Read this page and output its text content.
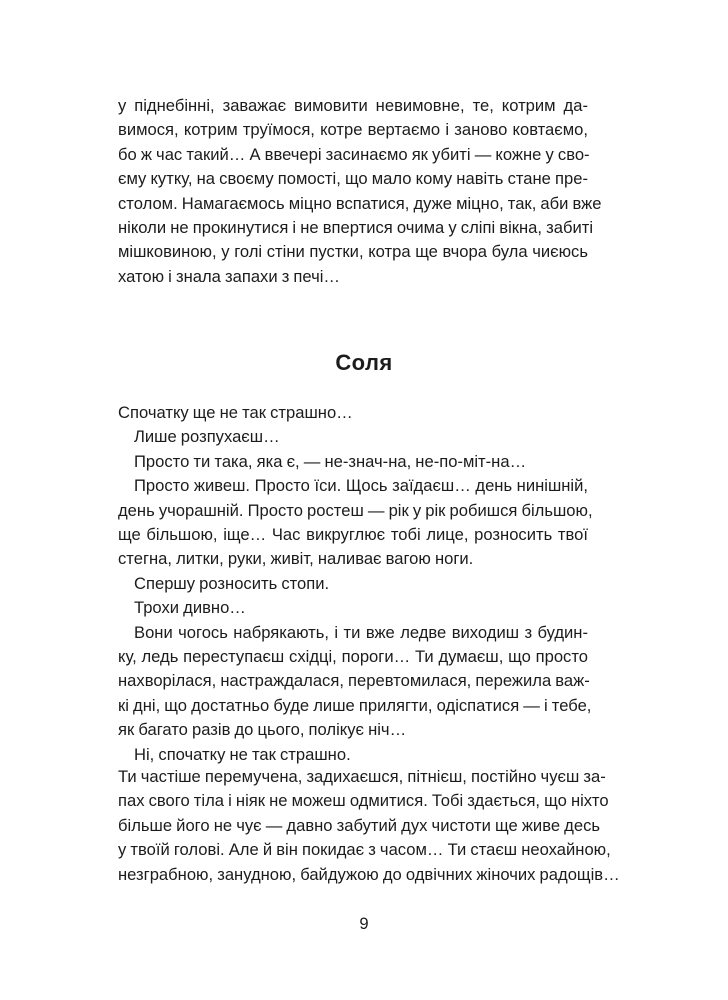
у піднебінні, заважає вимовити невимовне, те, котрим да-

вимося, котрим труїмося, котре вертаємо і заново ковтаємо,

бо ж час такий… А ввечері засинаємо як убиті — кожне у сво-

єму кутку, на своєму помості, що мало кому навіть стане пре-

столом. Намагаємось міцно вспатися, дуже міцно, так, аби вже

ніколи не прокинутися і не впертися очима у сліпі вікна, забиті

мішковиною, у голі стіни пустки, котра ще вчора була чиєюсь

хатою і знала запахи з печі…

Соля

Спочатку ще не так страшно…

Лише розпухаєш…

Просто ти така, яка є, — не-знач-на, не-по-міт-на…

Просто живеш. Просто їси. Щось заїдаєш… день нинішній,

день учорашній. Просто ростеш — рік у рік робишся більшою,

ще більшою, іще… Час викруглює тобі лице, розносить твої

стегна, литки, руки, живіт, наливає вагою ноги.

Спершу розносить стопи.

Трохи дивно…

Вони чогось набрякають, і ти вже ледве виходиш з будин-

ку, ледь переступаєш східці, пороги… Ти думаєш, що просто

нахворілася, настраждалася, перевтомилася, пережила важ-

кі дні, що достатньо буде лише прилягти, одіспатися — і тебе,

як багато разів до цього, полікує ніч…

Ні, спочатку не так страшно.

Ти частіше перемучена, задихаєшся, пітнієш, постійно чуєш за-

пах свого тіла і ніяк не можеш одмитися. Тобі здається, що ніхто

більше його не чує — давно забутий дух чистоти ще живе десь

у твоїй голові. Але й він покидає з часом… Ти стаєш неохайною,

незграбною, занудною, байдужою до одвічних жіночих радощів…

9
